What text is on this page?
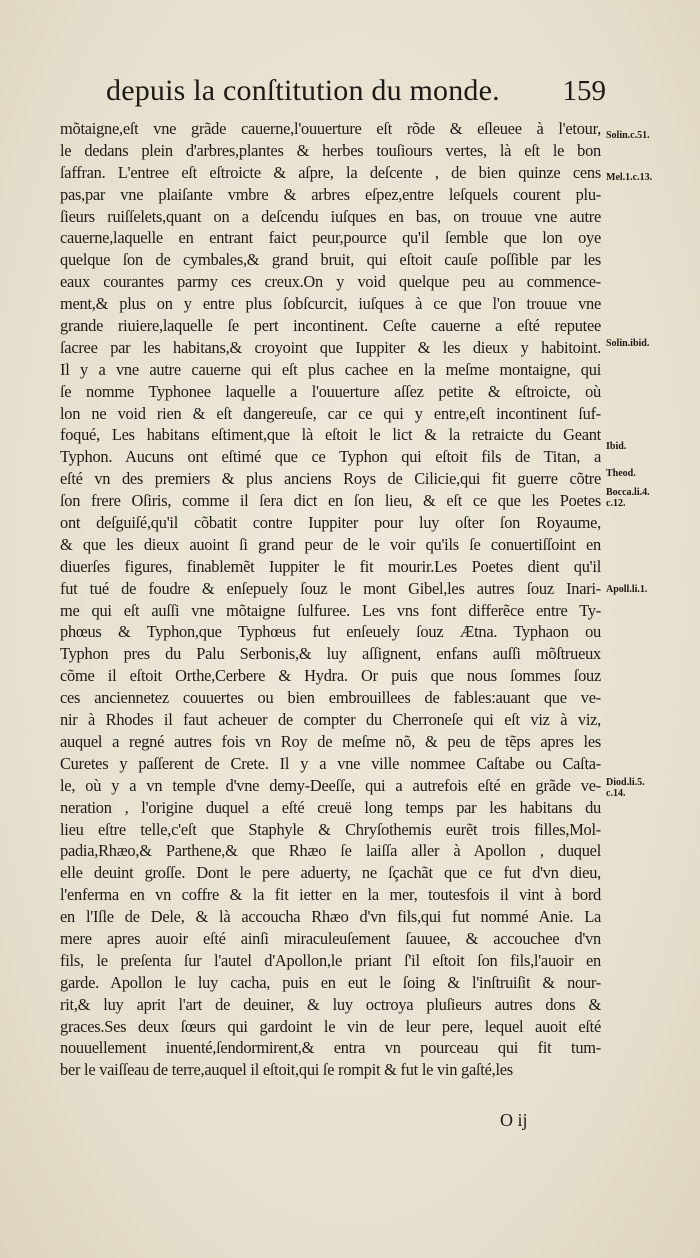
depuis la conſtitution du monde. 159
mõtaigne,eſt vne grãde cauerne,l'ouuerture eſt rõde & eſleuee à l'etour,
le dedans plein d'arbres,plantes & herbes touſiours vertes, là eſt le bon
ſaffran. L'entree eſt eſtroicte & aſpre, la deſcente , de bien quinze cens
pas,par vne plaiſante vmbre & arbres eſpez,entre leſquels courent plu-
ſieurs ruiſſelets,quant on a deſcendu iuſques en bas, on trouue vne autre
cauerne,laquelle en entrant faict peur,pource qu'il ſemble que lon oye
quelque ſon de cymbales,& grand bruit, qui eſtoit cauſe poſſible par les
eaux courantes parmy ces creux.On y void quelque peu au commence-
ment,& plus on y entre plus ſobſcurcit, iuſques à ce que l'on trouue vne
grande riuiere,laquelle ſe pert incontinent. Ceſte cauerne a eſté reputee
ſacree par les habitans,& croyoint que Iuppiter & les dieux y habitoint.
Il y a vne autre cauerne qui eſt plus cachee en la meſme montaigne, qui
ſe nomme Typhonee laquelle a l'ouuerture aſſez petite & eſtroicte, où
lon ne void rien & eſt dangereuſe, car ce qui y entre,eſt incontinent ſuf-
foqué, Les habitans eſtiment,que là eſtoit le lict & la retraicte du Geant
Typhon. Aucuns ont eſtimé que ce Typhon qui eſtoit fils de Titan, a
eſté vn des premiers & plus anciens Roys de Cilicie,qui fit guerre cõtre
ſon frere Oſiris, comme il ſera dict en ſon lieu, & eſt ce que les Poetes
ont deſguiſé,qu'il cõbatit contre Iuppiter pour luy oſter ſon Royaume,
& que les dieux auoint ſi grand peur de le voir qu'ils ſe conuertiſſoint en
diuerſes figures, finablemẽt Iuppiter le fit mourir.Les Poetes dient qu'il
fut tué de foudre & enſepuely ſouz le mont Gibel,les autres ſouz Inari-
me qui eſt auſſi vne mõtaigne ſulfuree. Les vns font differẽce entre Ty-
phœus & Typhon,que Typhœus fut enſeuely ſouz Ætna. Typhaon ou
Typhon pres du Palu Serbonis,& luy aſſignent, enfans auſſi mõſtrueux
cõme il eſtoit Orthe,Cerbere & Hydra. Or puis que nous ſommes ſouz
ces anciennetez couuertes ou bien embrouillees de fables:auant que ve-
nir à Rhodes il faut acheuer de compter du Cherroneſe qui eſt viz à viz,
auquel a regné autres fois vn Roy de meſme nõ, & peu de tẽps apres les
Curetes y paſſerent de Crete. Il y a vne ville nommee Caſtabe ou Caſta-
le, où y a vn temple d'vne demy-Deeſſe, qui a autrefois eſté en grãde ve-
neration , l'origine duquel a eſté creuë long temps par les habitans du
lieu eſtre telle,c'eſt que Staphyle & Chryſothemis eurẽt trois filles,Mol-
padia,Rhæo,& Parthene,& que Rhæo ſe laiſſa aller à Apollon , duquel
elle deuint groſſe. Dont le pere aduerty, ne ſçachãt que ce fut d'vn dieu,
l'enferma en vn coffre & la fit ietter en la mer, toutesfois il vint à bord
en l'Iſle de Dele, & là accoucha Rhæo d'vn fils,qui fut nommé Anie. La
mere apres auoir eſté ainſi miraculeuſement ſauuee, & accouchee d'vn
fils, le preſenta ſur l'autel d'Apollon,le priant ſ'il eſtoit ſon fils,l'auoir en
garde. Apollon le luy cacha, puis en eut le ſoing & l'inſtruiſit & nour-
rit,& luy aprit l'art de deuiner, & luy octroya pluſieurs autres dons &
graces.Ses deux ſœurs qui gardoint le vin de leur pere, lequel auoit eſté
nouuellement inuenté,ſendormirent,& entra vn pourceau qui fit tum-
ber le vaiſſeau de terre,auquel il eſtoit,qui ſe rompit & fut le vin gaſté,les
Solin.c.51.
Mel.1.c.13.
Solin.ibid.
Ibid.
Theod.
Bocca.li.4.
c.12.
Apoll.li.1.
Diod.li.5.
c.14.
O ij
